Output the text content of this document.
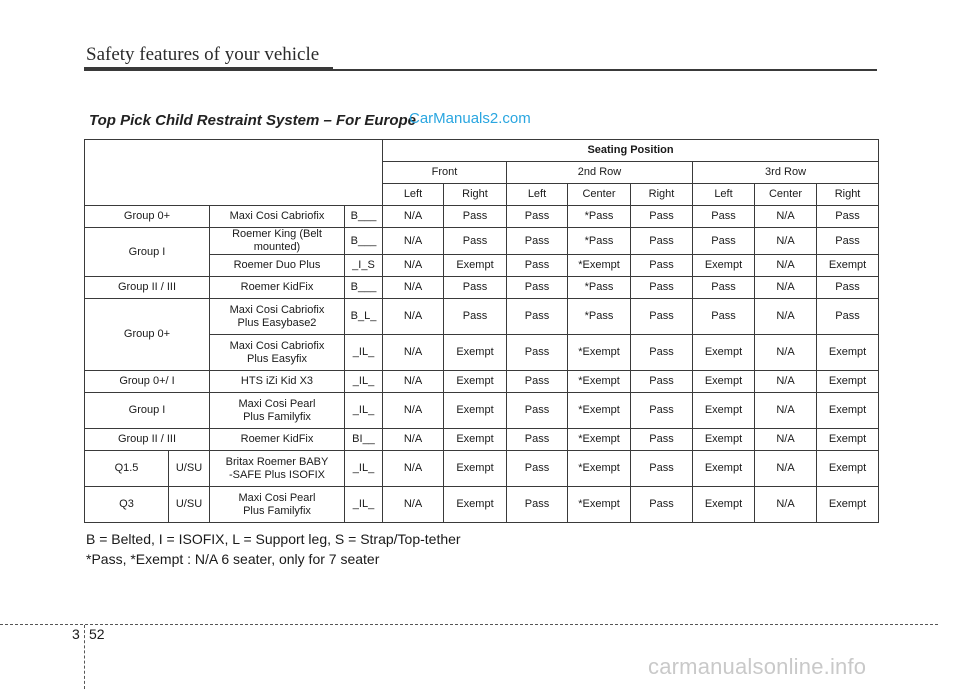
Safety features of your vehicle
Top Pick Child Restraint System – For Europe
CarManuals2.com
				Seating Position							
				Front		2nd Row			3rd Row		
				Left	Right	Left	Center	Right	Left	Center	Right
Group 0+		Maxi Cosi Cabriofix	B___	N/A	Pass	Pass	*Pass	Pass	Pass	N/A	Pass
Group I		Roemer King (Belt mounted)	B___	N/A	Pass	Pass	*Pass	Pass	Pass	N/A	Pass
		Roemer Duo Plus	_I_S	N/A	Exempt	Pass	*Exempt	Pass	Exempt	N/A	Exempt
Group II / III		Roemer KidFix	B___	N/A	Pass	Pass	*Pass	Pass	Pass	N/A	Pass
Group 0+		Maxi Cosi Cabriofix
Plus Easybase2	B_L_	N/A	Pass	Pass	*Pass	Pass	Pass	N/A	Pass

		Maxi Cosi Cabriofix
Plus Easyfix	_IL_	N/A	Exempt	Pass	*Exempt	Pass	Exempt	N/A	Exempt
Group 0+/ I		HTS iZi Kid X3	_IL_	N/A	Exempt	Pass	*Exempt	Pass	Exempt	N/A	Exempt
Group I		Maxi Cosi Pearl
Plus Familyfix	_IL_	N/A	Exempt	Pass	*Exempt	Pass	Exempt	N/A	Exempt
Group II / III		Roemer KidFix	BI__	N/A	Exempt	Pass	*Exempt	Pass	Exempt	N/A	Exempt
Q1.5	U/SU	Britax Roemer BABY
-SAFE Plus ISOFIX	_IL_	N/A	Exempt	Pass	*Exempt	Pass	Exempt	N/A	Exempt
Q3	U/SU	Maxi Cosi Pearl
Plus Familyfix	_IL_	N/A	Exempt	Pass	*Exempt	Pass	Exempt	N/A	Exempt
B = Belted, I = ISOFIX, L = Support leg, S = Strap/Top-tether
*Pass, *Exempt : N/A 6 seater, only for 7 seater
3 52
carmanualsonline.info
